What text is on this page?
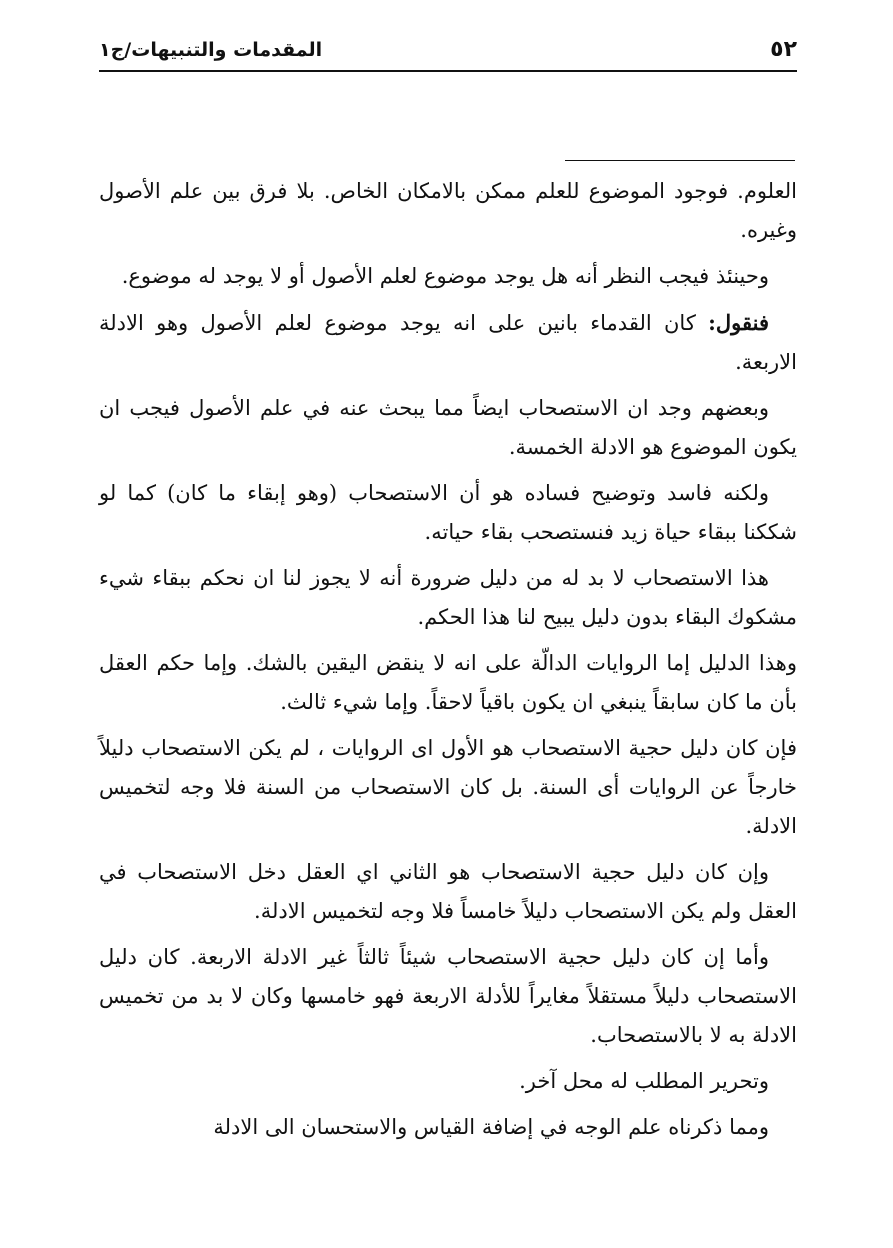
٥٢
المقدمات والتنبيهات/ج١

العلوم. فوجود الموضوع للعلم ممكن بالامكان الخاص. بلا فرق بين علم الأصول وغيره.

وحينئذ فيجب النظر أنه هل يوجد موضوع لعلم الأصول أو لا يوجد له موضوع.

فنقول: كان القدماء بانين على انه يوجد موضوع لعلم الأصول وهو الادلة الاربعة.

وبعضهم وجد ان الاستصحاب ايضاً مما يبحث عنه في علم الأصول فيجب ان يكون الموضوع هو الادلة الخمسة.

ولكنه فاسد وتوضيح فساده هو أن الاستصحاب (وهو إبقاء ما كان) كما لو شككنا ببقاء حياة زيد فنستصحب بقاء حياته.

هذا الاستصحاب لا بد له من دليل ضرورة أنه لا يجوز لنا ان نحكم ببقاء شيء مشكوك البقاء بدون دليل يبيح لنا هذا الحكم.

وهذا الدليل إما الروايات الدالّة على انه لا ينقض اليقين بالشك. وإما حكم العقل بأن ما كان سابقاً ينبغي ان يكون باقياً لاحقاً. وإما شيء ثالث.

فإن كان دليل حجية الاستصحاب هو الأول اى الروايات ، لم يكن الاستصحاب دليلاً خارجاً عن الروايات أى السنة. بل كان الاستصحاب من السنة فلا وجه لتخميس الادلة.

وإن كان دليل حجية الاستصحاب هو الثاني اي العقل دخل الاستصحاب في العقل ولم يكن الاستصحاب دليلاً خامساً فلا وجه لتخميس الادلة.

وأما إن كان دليل حجية الاستصحاب شيئاً ثالثاً غير الادلة الاربعة. كان دليل الاستصحاب دليلاً مستقلاً مغايراً للأدلة الاربعة فهو خامسها وكان لا بد من تخميس الادلة به لا بالاستصحاب.

وتحرير المطلب له محل آخر.

ومما ذكرناه علم الوجه في إضافة القياس والاستحسان الى الادلة
